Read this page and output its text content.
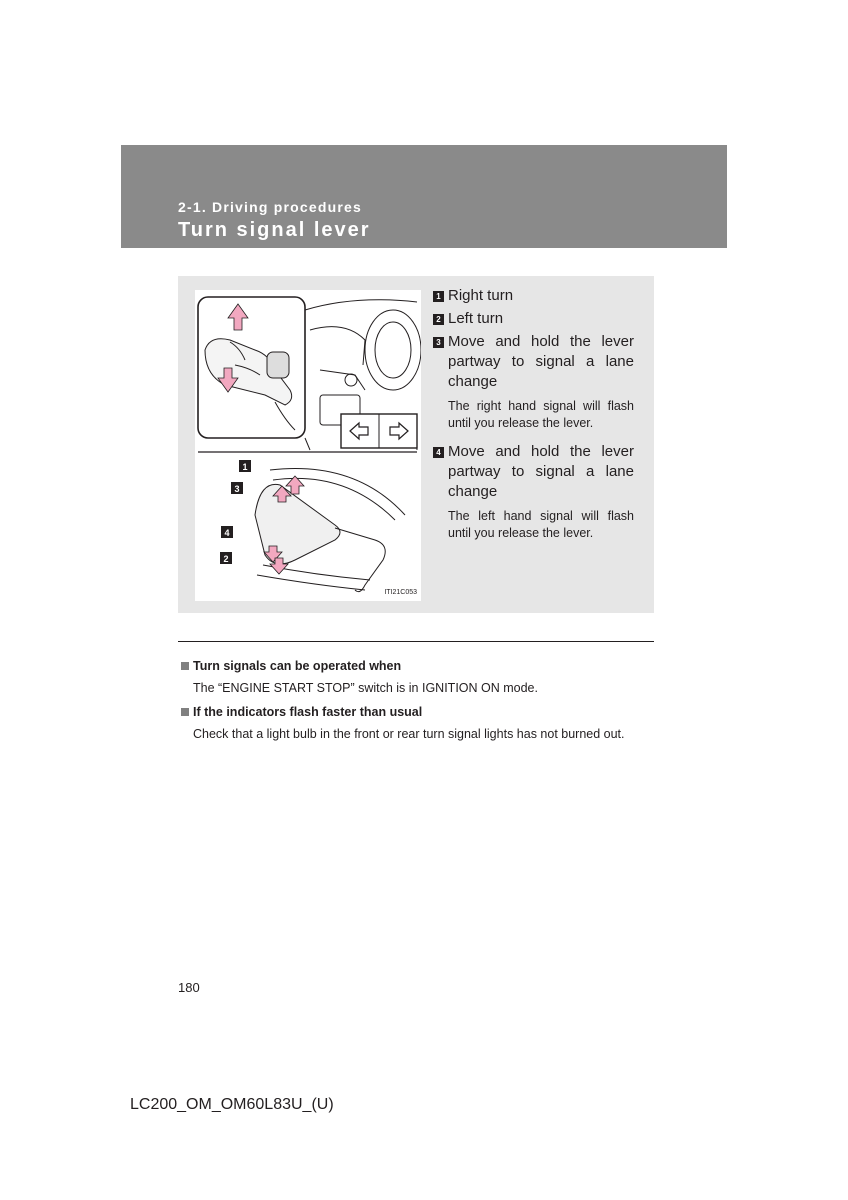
2-1. Driving procedures
Turn signal lever
1
3
4
2
ITI21C053
1 Right turn
2 Left turn
3 Move and hold the lever partway to signal a lane change
The right hand signal will flash until you release the lever.
4 Move and hold the lever partway to signal a lane change
The left hand signal will flash until you release the lever.
Turn signals can be operated when
The “ENGINE START STOP” switch is in IGNITION ON mode.
If the indicators flash faster than usual
Check that a light bulb in the front or rear turn signal lights has not burned out.
180
LC200_OM_OM60L83U_(U)
